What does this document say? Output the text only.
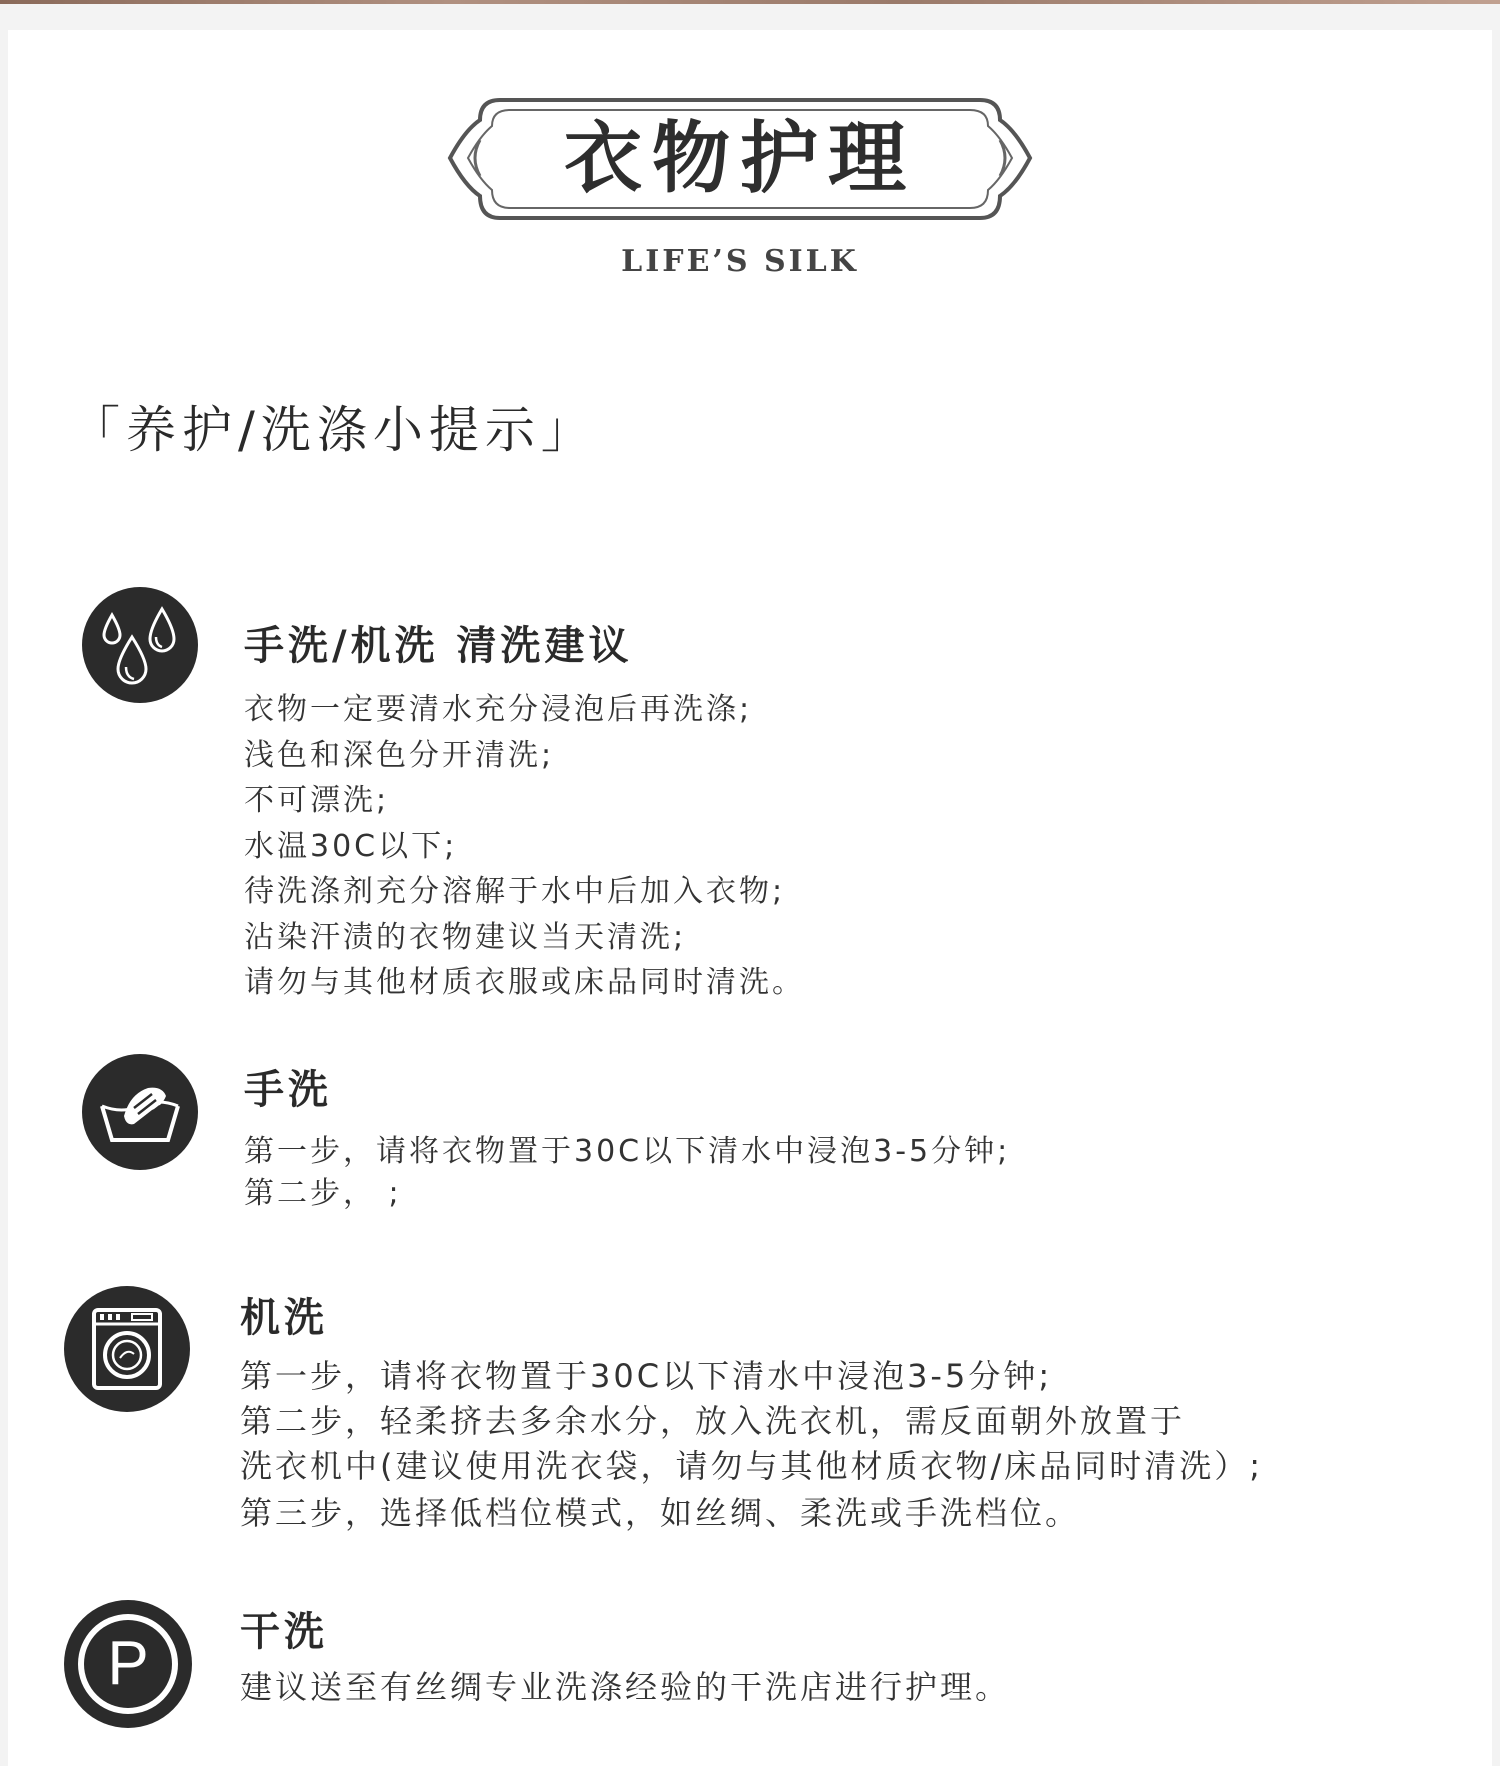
衣物护理
LIFE’S SILK
「养护/洗涤小提示」
手洗/机洗 清洗建议
衣物一定要清水充分浸泡后再洗涤;
浅色和深色分开清洗;
不可漂洗;
水温30C以下;
待洗涤剂充分溶解于水中后加入衣物;
沾染汗渍的衣物建议当天清洗;
请勿与其他材质衣服或床品同时清洗。
手洗
第一步，请将衣物置于30C以下清水中浸泡3-5分钟;
第二步， ;
机洗
第一步，请将衣物置于30C以下清水中浸泡3-5分钟;
第二步，轻柔挤去多余水分，放入洗衣机，需反面朝外放置于
洗衣机中(建议使用洗衣袋，请勿与其他材质衣物/床品同时清洗）;
第三步，选择低档位模式，如丝绸、柔洗或手洗档位。
P	干洗
建议送至有丝绸专业洗涤经验的干洗店进行护理。
